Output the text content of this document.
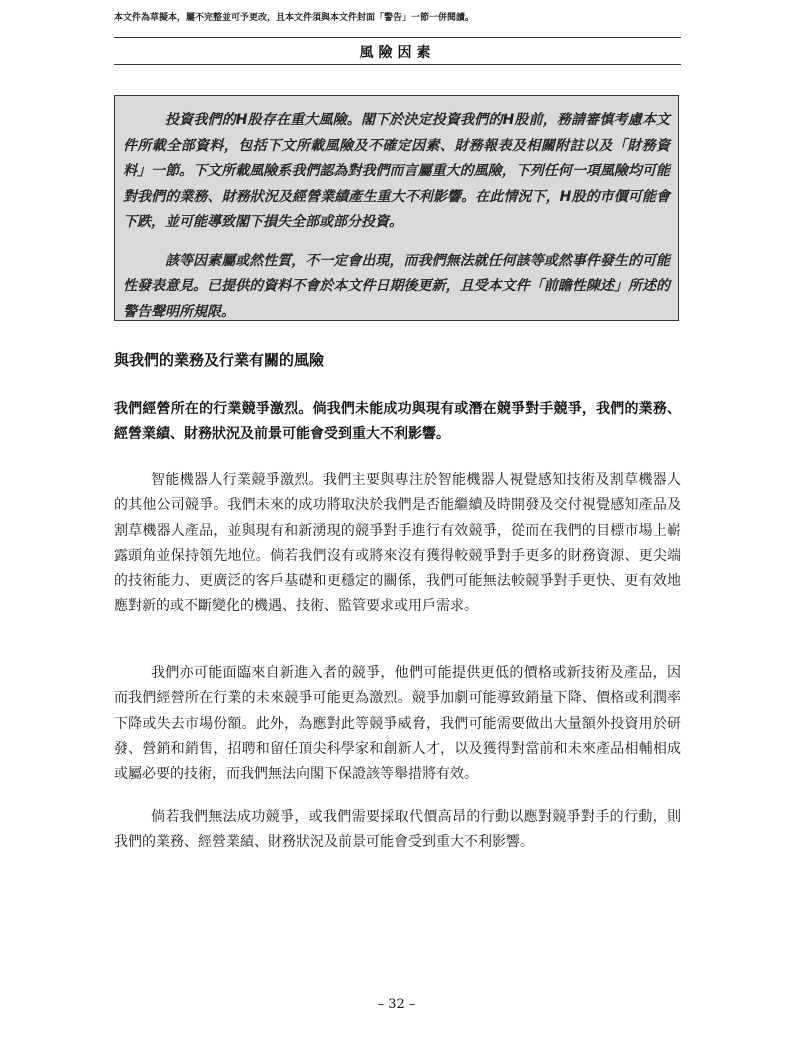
本文件為草擬本，屬不完整並可予更改，且本文件須與本文件封面「警告」一節一併閱讀。
風險因素

投資我們的H股存在重大風險。閣下於決定投資我們的H股前，務請審慎考慮本文件所載全部資料，包括下文所載風險及不確定因素、財務報表及相關附註以及「財務資料」一節。下文所載風險系我們認為對我們而言屬重大的風險，下列任何一項風險均可能對我們的業務、財務狀況及經營業績產生重大不利影響。在此情況下，H股的市價可能會下跌，並可能導致閣下損失全部或部分投資。

該等因素屬或然性質，不一定會出現，而我們無法就任何該等或然事件發生的可能性發表意見。已提供的資料不會於本文件日期後更新，且受本文件「前瞻性陳述」所述的警告聲明所規限。

與我們的業務及行業有關的風險

我們經營所在的行業競爭激烈。倘我們未能成功與現有或潛在競爭對手競爭，我們的業務、經營業績、財務狀況及前景可能會受到重大不利影響。

智能機器人行業競爭激烈。我們主要與專注於智能機器人視覺感知技術及割草機器人的其他公司競爭。我們未來的成功將取決於我們是否能繼續及時開發及交付視覺感知產品及割草機器人產品，並與現有和新湧現的競爭對手進行有效競爭，從而在我們的目標市場上嶄露頭角並保持領先地位。倘若我們沒有或將來沒有獲得較競爭對手更多的財務資源、更尖端的技術能力、更廣泛的客戶基礎和更穩定的關係，我們可能無法較競爭對手更快、更有效地應對新的或不斷變化的機遇、技術、監管要求或用戶需求。

我們亦可能面臨來自新進入者的競爭，他們可能提供更低的價格或新技術及產品，因而我們經營所在行業的未來競爭可能更為激烈。競爭加劇可能導致銷量下降、價格或利潤率下降或失去市場份額。此外，為應對此等競爭威脅，我們可能需要做出大量額外投資用於研發、營銷和銷售，招聘和留任頂尖科學家和創新人才，以及獲得對當前和未來產品相輔相成或屬必要的技術，而我們無法向閣下保證該等舉措將有效。

倘若我們無法成功競爭，或我們需要採取代價高昂的行動以應對競爭對手的行動，則我們的業務、經營業績、財務狀況及前景可能會受到重大不利影響。

– 32 –
